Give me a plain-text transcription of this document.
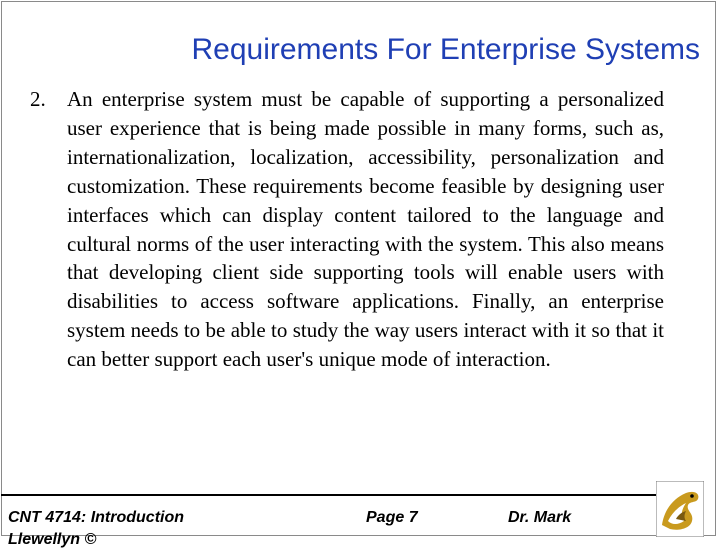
Requirements For Enterprise Systems
2. An enterprise system must be capable of supporting a personalized user experience that is being made possible in many forms, such as, internationalization, localization, accessibility, personalization and customization. These requirements become feasible by designing user interfaces which can display content tailored to the language and cultural norms of the user interacting with the system. This also means that developing client side supporting tools will enable users with disabilities to access software applications. Finally, an enterprise system needs to be able to study the way users interact with it so that it can better support each user's unique mode of interaction.
CNT 4714: Introduction	Page 7	Dr. Mark
Llewellyn ©
